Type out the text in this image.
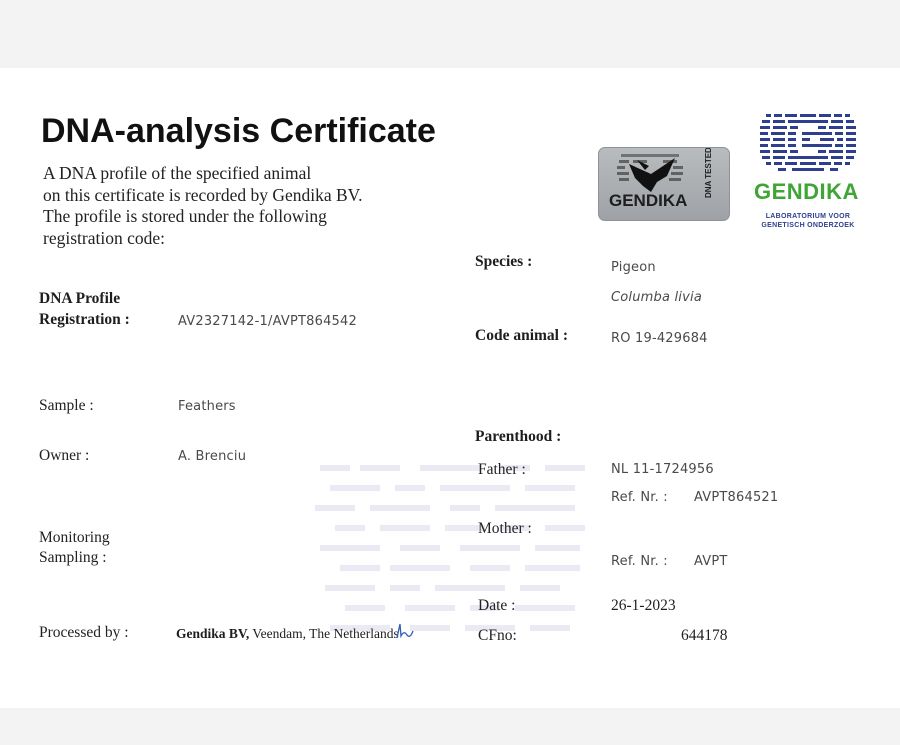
DNA-analysis Certificate
A DNA profile of the specified animal
on this certificate is recorded by Gendika BV.
The profile is stored under the following
registration code:
GENDIKA
DNA TESTED GENDIKA
LABORATORIUM VOOR
GENETISCH ONDERZOEK
DNA Profile
Registration :	AV2327142-1/AVPT864542
Sample :	Feathers
Owner :	A. Brenciu
Monitoring
Sampling :
Processed by :	Gendika BV, Veendam, The Netherlands
Species :	Pigeon
Columba livia
Code animal :	RO 19-429684
Parenthood :
Father :	NL 11-1724956
Ref. Nr. : AVPT864521
Mother :
Ref. Nr. : AVPT
Date :	26-1-2023
CFno:	644178
